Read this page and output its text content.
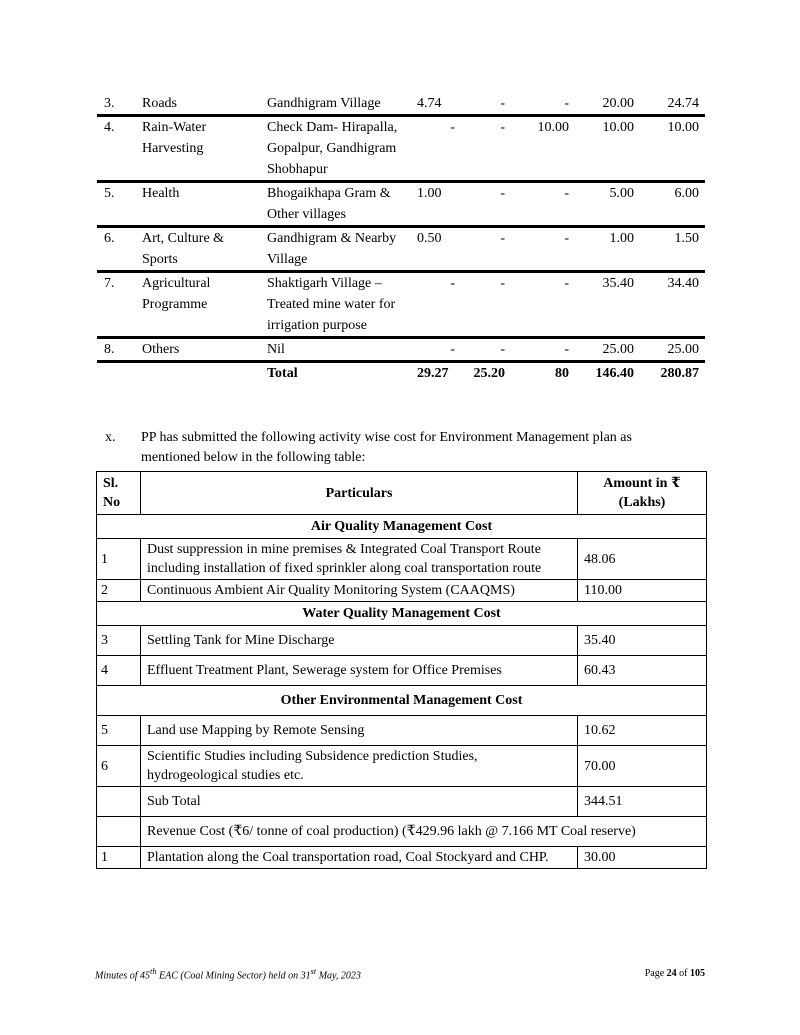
3.	Roads	Gandhigram Village	4.74	-	-	20.00	24.74
4.	Rain-Water Harvesting	Check Dam- Hirapalla, Gopalpur, Gandhigram Shobhapur	-	-	10.00	10.00	10.00
5.	Health	Bhogaikhapa Gram & Other villages	1.00	-	-	5.00	6.00
6.	Art, Culture & Sports	Gandhigram & Nearby Village	0.50	-	-	1.00	1.50
7.	Agricultural Programme	Shaktigarh Village – Treated mine water for irrigation purpose	-	-	-	35.40	34.40
8.	Others	Nil	-	-	-	25.00	25.00
		Total	29.27	25.20	80	146.40	280.87
x. PP has submitted the following activity wise cost for Environment Management plan as
mentioned below in the following table:
Sl. No	Particulars	Amount in ₹ (Lakhs)
Air Quality Management Cost		
1	Dust suppression in mine premises & Integrated Coal Transport Route including installation of fixed sprinkler along coal transportation route	48.06
2	Continuous Ambient Air Quality Monitoring System (CAAQMS)	110.00
Water Quality Management Cost		
3	Settling Tank for Mine Discharge	35.40
4	Effluent Treatment Plant, Sewerage system for Office Premises	60.43
Other Environmental Management Cost		
5	Land use Mapping by Remote Sensing	10.62
6	Scientific Studies including Subsidence prediction Studies, hydrogeological studies etc.	70.00
	Sub Total	344.51
	Revenue Cost (₹6/ tonne of coal production) (₹429.96 lakh @ 7.166 MT Coal reserve)	
1	Plantation along the Coal transportation road, Coal Stockyard and CHP.	30.00
Minutes of 45th EAC (Coal Mining Sector) held on 31st May, 2023	Page 24 of 105
